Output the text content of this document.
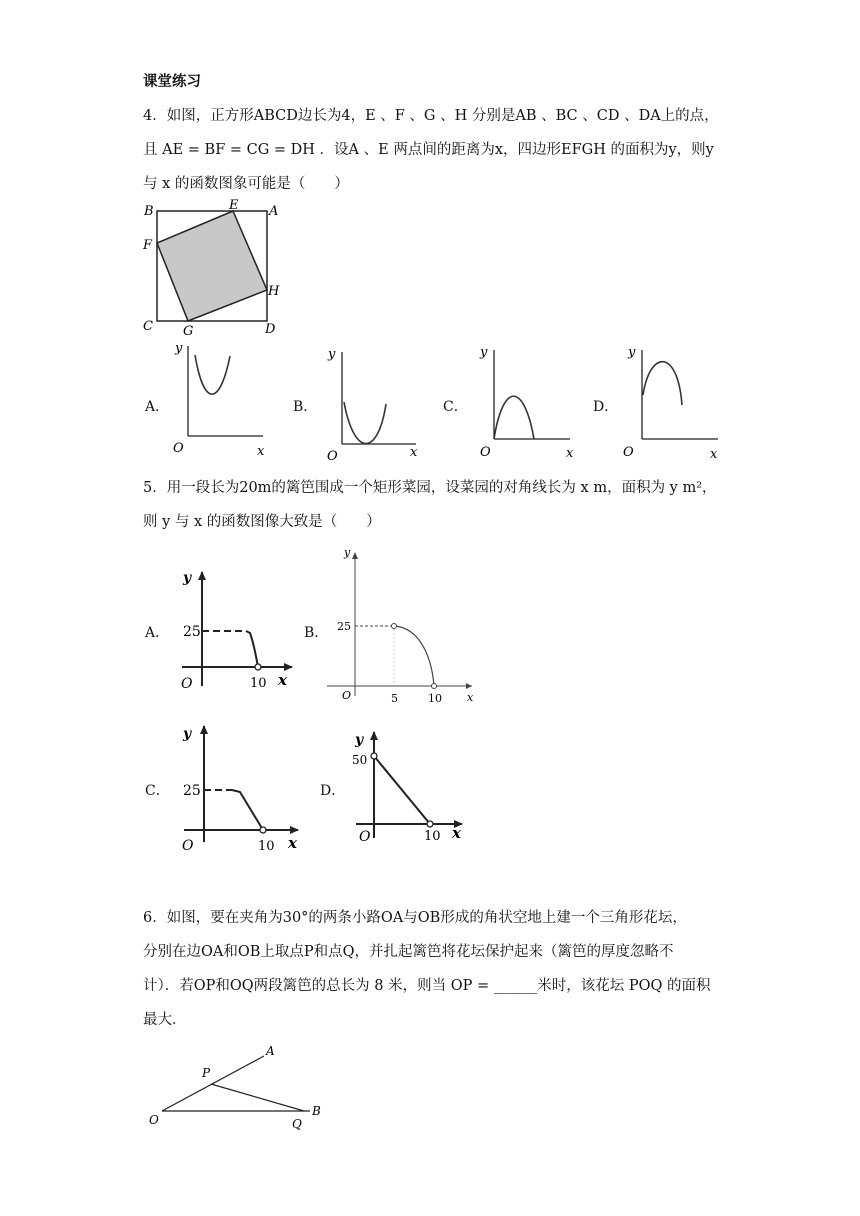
课堂练习
4．如图，正方形ABCD边长为4，E 、F 、G 、H 分别是AB 、BC 、CD 、DA上的点，
且 AE = BF = CG = DH ．设A 、E 两点间的距离为x，四边形EFGH 的面积为y，则y
与 x 的函数图象可能是（　　）
B	E A
F
H
C G	D
A．
y
O	x
B．
y
O	x
C．
y
O	x
D．
y
O	x
5．用一段长为20m的篱笆围成一个矩形菜园，设菜园的对角线长为 x m，面积为 y m²，
则 y 与 x 的函数图像大致是（　　）
A．
y
25
O	10 x
B．
y
25
O	5	10 x
C．
y
25
O	10 x
D．
y
50
O	10 x
6．如图，要在夹角为30°的两条小路OA与OB形成的角状空地上建一个三角形花坛，
分别在边OA和OB上取点P和点Q，并扎起篱笆将花坛保护起来（篱笆的厚度忽略不
计）．若OP和OQ两段篱笆的总长为 8 米，则当 OP = ______米时，该花坛 POQ 的面积
最大．
A
P
O	Q
B
